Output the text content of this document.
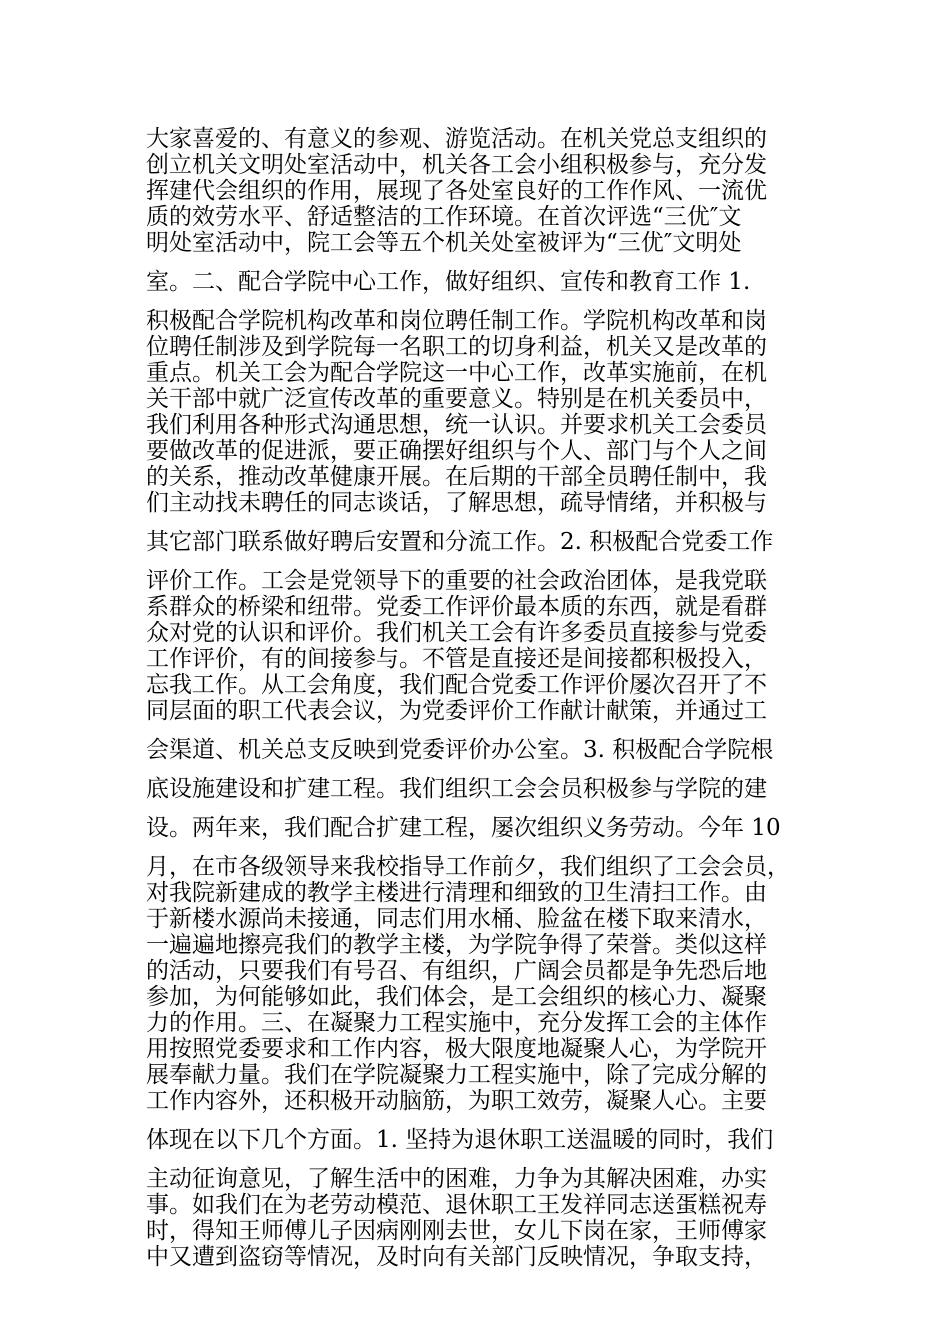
大家喜爱的、有意义的参观、游览活动。在机关党总支组织的
创立机关文明处室活动中，机关各工会小组积极参与，充分发
挥建代会组织的作用，展现了各处室良好的工作作风、一流优
质的效劳水平、舒适整洁的工作环境。在首次评选“三优″文
明处室活动中，院工会等五个机关处室被评为“三优″文明处
室。二、配合学院中心工作，做好组织、宣传和教育工作 1.
积极配合学院机构改革和岗位聘任制工作。学院机构改革和岗
位聘任制涉及到学院每一名职工的切身利益，机关又是改革的
重点。机关工会为配合学院这一中心工作，改革实施前，在机
关干部中就广泛宣传改革的重要意义。特别是在机关委员中，
我们利用各种形式沟通思想，统一认识。并要求机关工会委员
要做改革的促进派，要正确摆好组织与个人、部门与个人之间
的关系，推动改革健康开展。在后期的干部全员聘任制中，我
们主动找未聘任的同志谈话，了解思想，疏导情绪，并积极与
其它部门联系做好聘后安置和分流工作。2. 积极配合党委工作
评价工作。工会是党领导下的重要的社会政治团体，是我党联
系群众的桥梁和纽带。党委工作评价最本质的东西，就是看群
众对党的认识和评价。我们机关工会有许多委员直接参与党委
工作评价，有的间接参与。不管是直接还是间接都积极投入，
忘我工作。从工会角度，我们配合党委工作评价屡次召开了不
同层面的职工代表会议，为党委评价工作献计献策，并通过工
会渠道、机关总支反映到党委评价办公室。3. 积极配合学院根
底设施建设和扩建工程。我们组织工会会员积极参与学院的建
设。两年来，我们配合扩建工程，屡次组织义务劳动。今年 10
月，在市各级领导来我校指导工作前夕，我们组织了工会会员，
对我院新建成的教学主楼进行清理和细致的卫生清扫工作。由
于新楼水源尚未接通，同志们用水桶、脸盆在楼下取来清水，
一遍遍地擦亮我们的教学主楼，为学院争得了荣誉。类似这样
的活动，只要我们有号召、有组织，广阔会员都是争先恐后地
参加，为何能够如此，我们体会，是工会组织的核心力、凝聚
力的作用。三、在凝聚力工程实施中，充分发挥工会的主体作
用按照党委要求和工作内容，极大限度地凝聚人心，为学院开
展奉献力量。我们在学院凝聚力工程实施中，除了完成分解的
工作内容外，还积极开动脑筋，为职工效劳，凝聚人心。主要
体现在以下几个方面。1. 坚持为退休职工送温暖的同时，我们
主动征询意见，了解生活中的困难，力争为其解决困难，办实
事。如我们在为老劳动模范、退休职工王发祥同志送蛋糕祝寿
时，得知王师傅儿子因病刚刚去世，女儿下岗在家，王师傅家
中又遭到盗窃等情况，及时向有关部门反映情况，争取支持，
